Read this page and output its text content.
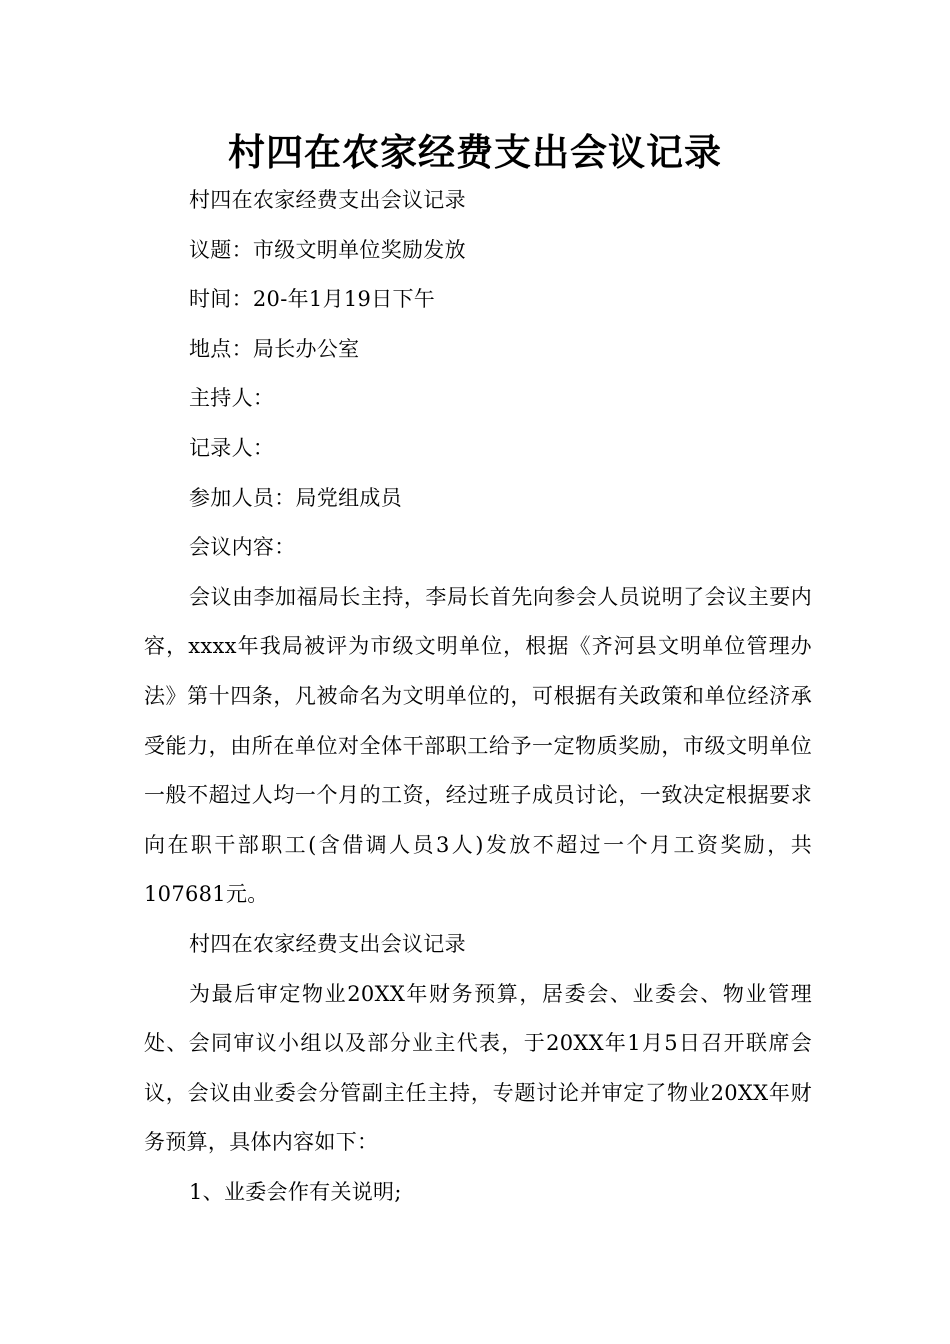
村四在农家经费支出会议记录

村四在农家经费支出会议记录

议题：市级文明单位奖励发放

时间：20-年1月19日下午

地点：局长办公室

主持人：

记录人：

参加人员：局党组成员

会议内容：

会议由李加福局长主持，李局长首先向参会人员说明了会议主要内容，xxxx年我局被评为市级文明单位，根据《齐河县文明单位管理办法》第十四条，凡被命名为文明单位的，可根据有关政策和单位经济承受能力，由所在单位对全体干部职工给予一定物质奖励，市级文明单位一般不超过人均一个月的工资，经过班子成员讨论，一致决定根据要求向在职干部职工(含借调人员3人)发放不超过一个月工资奖励，共107681元。

村四在农家经费支出会议记录

为最后审定物业20XX年财务预算，居委会、业委会、物业管理处、会同审议小组以及部分业主代表，于20XX年1月5日召开联席会议，会议由业委会分管副主任主持，专题讨论并审定了物业20XX年财务预算，具体内容如下：

1、业委会作有关说明;
